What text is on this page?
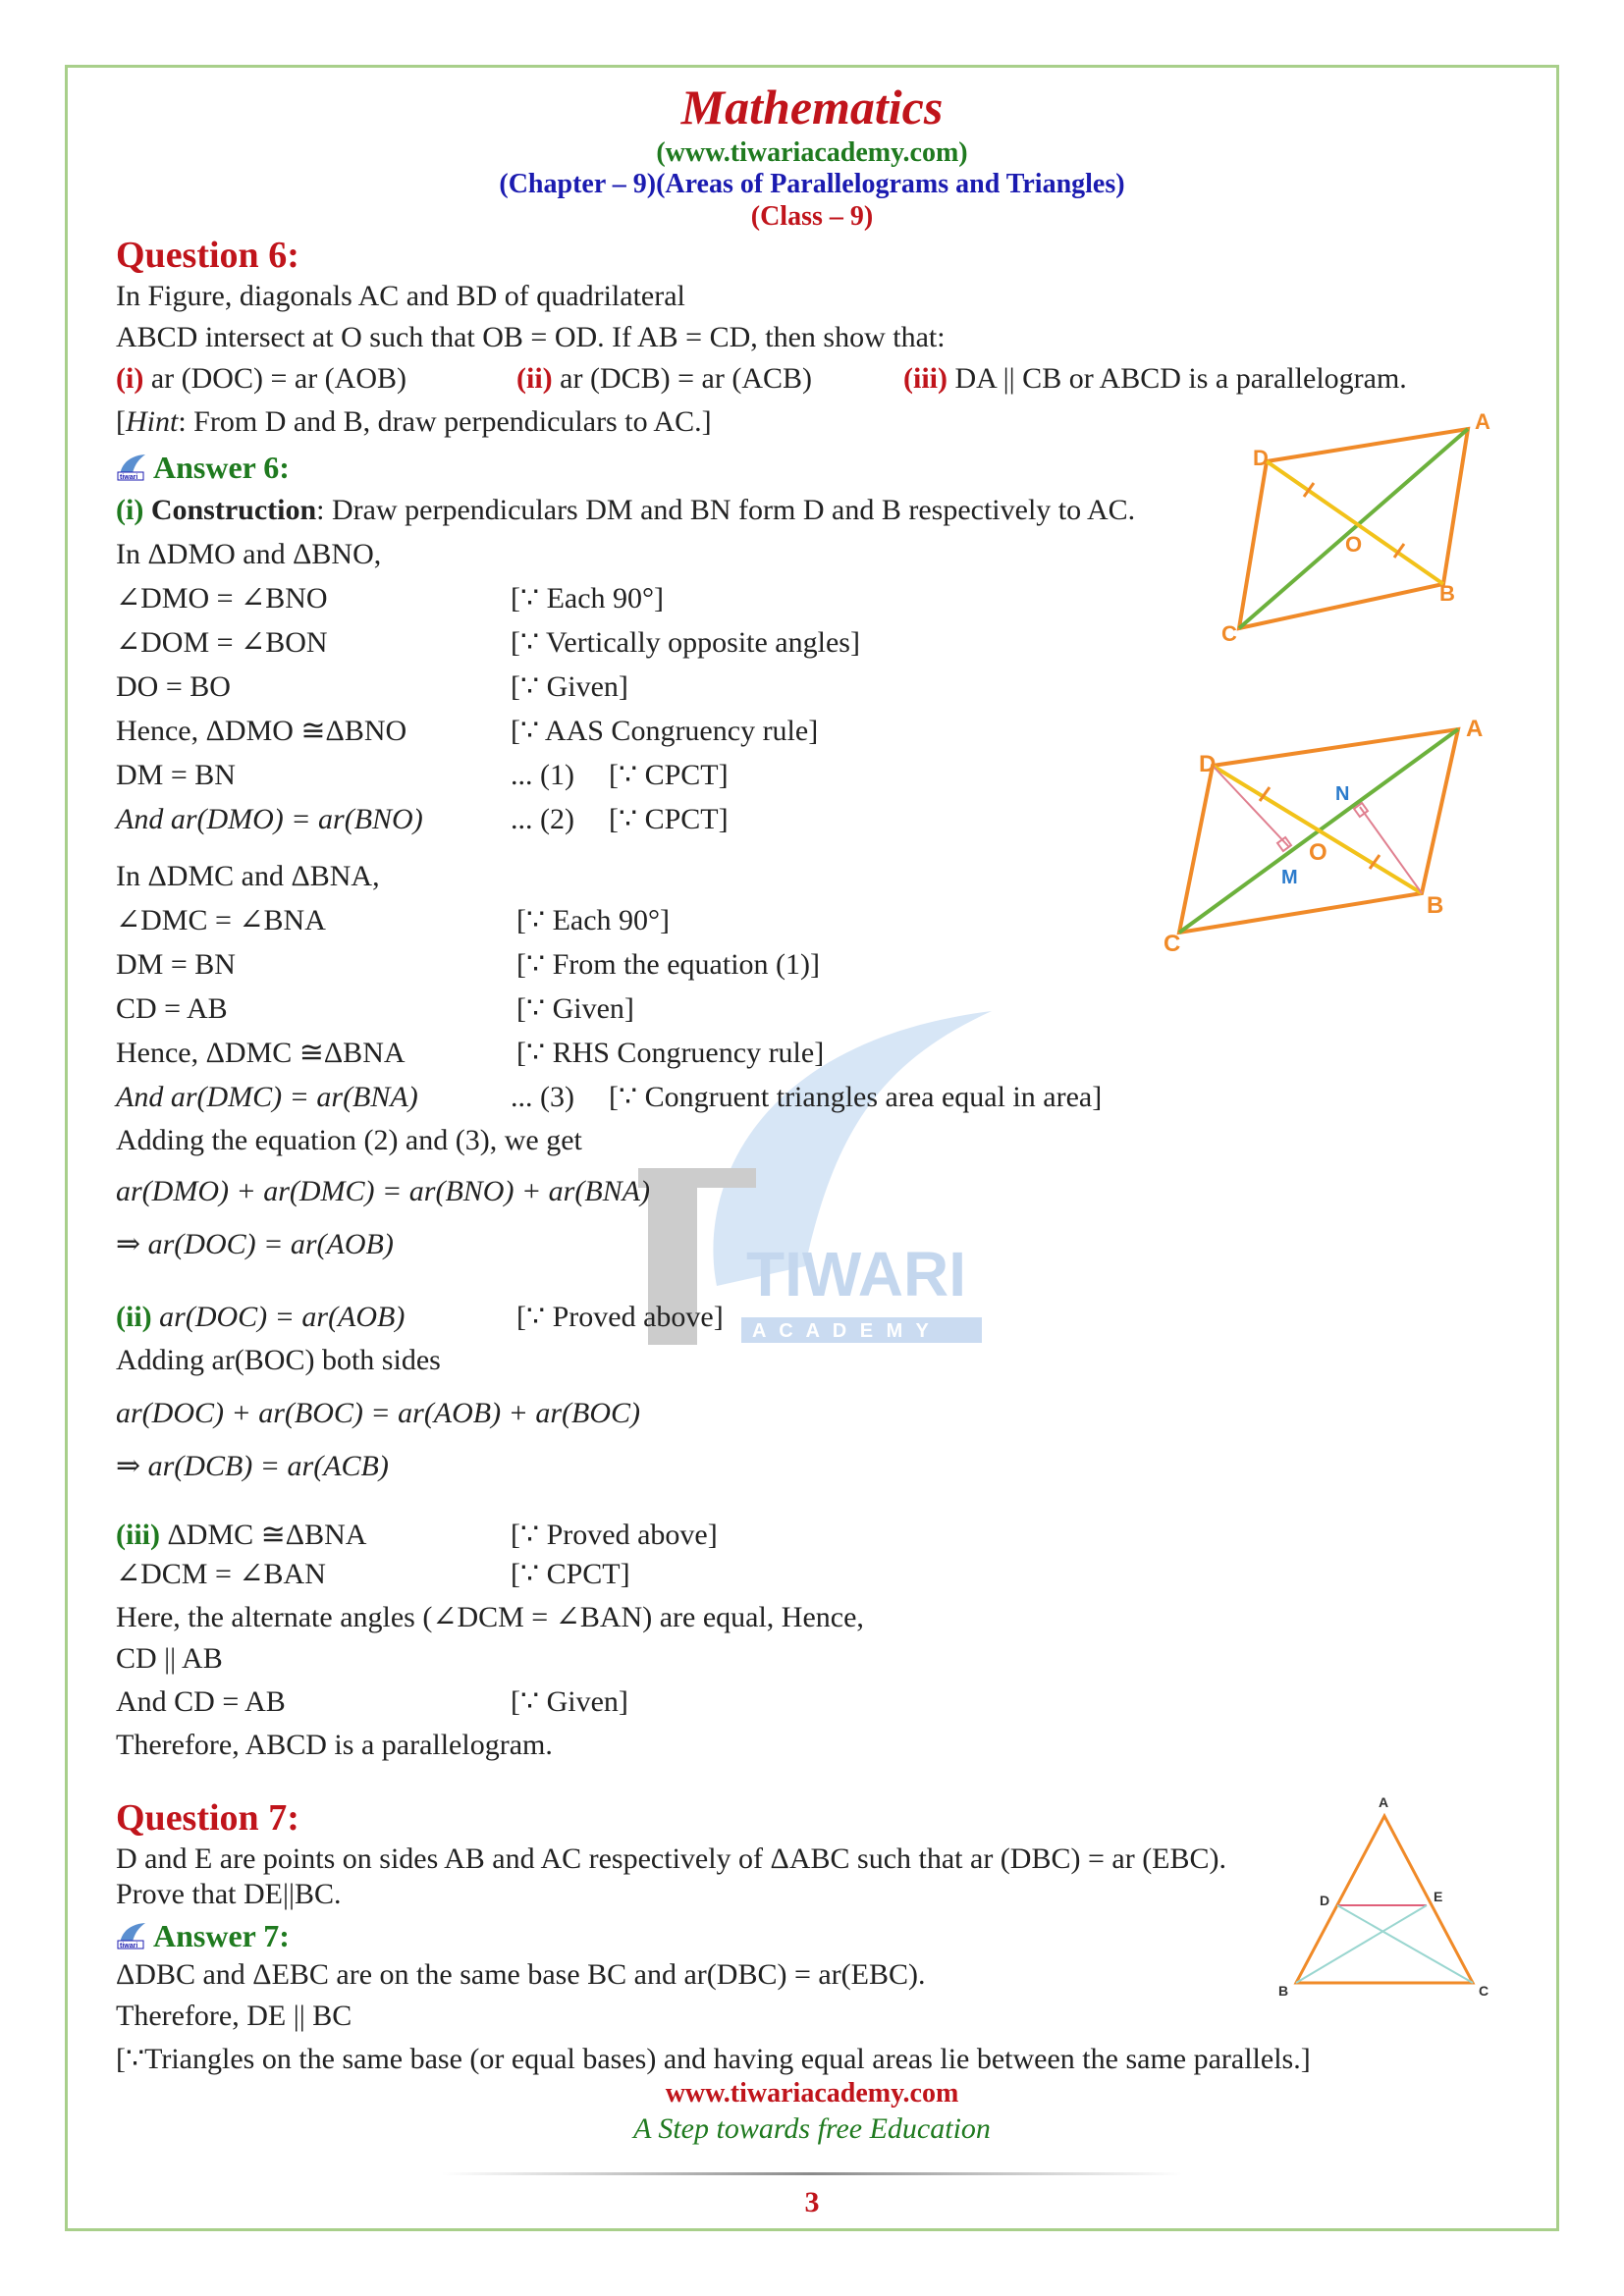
TIWARI
A C A D E M Y
Mathematics
(www.tiwariacademy.com)
(Chapter – 9)(Areas of Parallelograms and Triangles)
(Class – 9)
Question 6:
In Figure, diagonals AC and BD of quadrilateral
ABCD intersect at O such that OB = OD. If AB = CD, then show that:
(i) ar (DOC) = ar (AOB)	(ii) ar (DCB) = ar (ACB)	(iii) DA || CB or ABCD is a parallelogram.
[Hint: From D and B, draw perpendiculars to AC.]
tiwari Answer 6:
(i) Construction: Draw perpendiculars DM and BN form D and B respectively to AC.
In ΔDMO and ΔBNO,
∠DMO = ∠BNO	[∵ Each 90°]
∠DOM = ∠BON	[∵ Vertically opposite angles]
DO = BO	[∵ Given]
Hence, ΔDMO ≅ΔBNO	[∵ AAS Congruency rule]
DM = BN	... (1) [∵ CPCT]
And ar(DMO) = ar(BNO)	... (2) [∵ CPCT]
In ΔDMC and ΔBNA,
∠DMC = ∠BNA	[∵ Each 90°]
DM = BN	[∵ From the equation (1)]
CD = AB	[∵ Given]
Hence, ΔDMC ≅ΔBNA	[∵ RHS Congruency rule]
And ar(DMC) = ar(BNA)	... (3) [∵ Congruent triangles area equal in area]
Adding the equation (2) and (3), we get
ar(DMO) + ar(DMC) = ar(BNO) + ar(BNA)
⇒ ar(DOC) = ar(AOB)
(ii) ar(DOC) = ar(AOB)	[∵ Proved above]
Adding ar(BOC) both sides
ar(DOC) + ar(BOC) = ar(AOB) + ar(BOC)
⇒ ar(DCB) = ar(ACB)
(iii) ΔDMC ≅ΔBNA	[∵ Proved above]
∠DCM = ∠BAN	[∵ CPCT]
Here, the alternate angles (∠DCM = ∠BAN) are equal, Hence,
CD || AB
And CD = AB	[∵ Given]
Therefore, ABCD is a parallelogram.
Question 7:
D and E are points on sides AB and AC respectively of ΔABC such that ar (DBC) = ar (EBC).
Prove that DE||BC.
tiwari Answer 7:
ΔDBC and ΔEBC are on the same base BC and ar(DBC) = ar(EBC).
Therefore, DE || BC
[∵Triangles on the same base (or equal bases) and having equal areas lie between the same parallels.]
A
B
C
D
O
A
B
C
D
O
M
N
A
B	C
D	E
www.tiwariacademy.com
A Step towards free Education
3
